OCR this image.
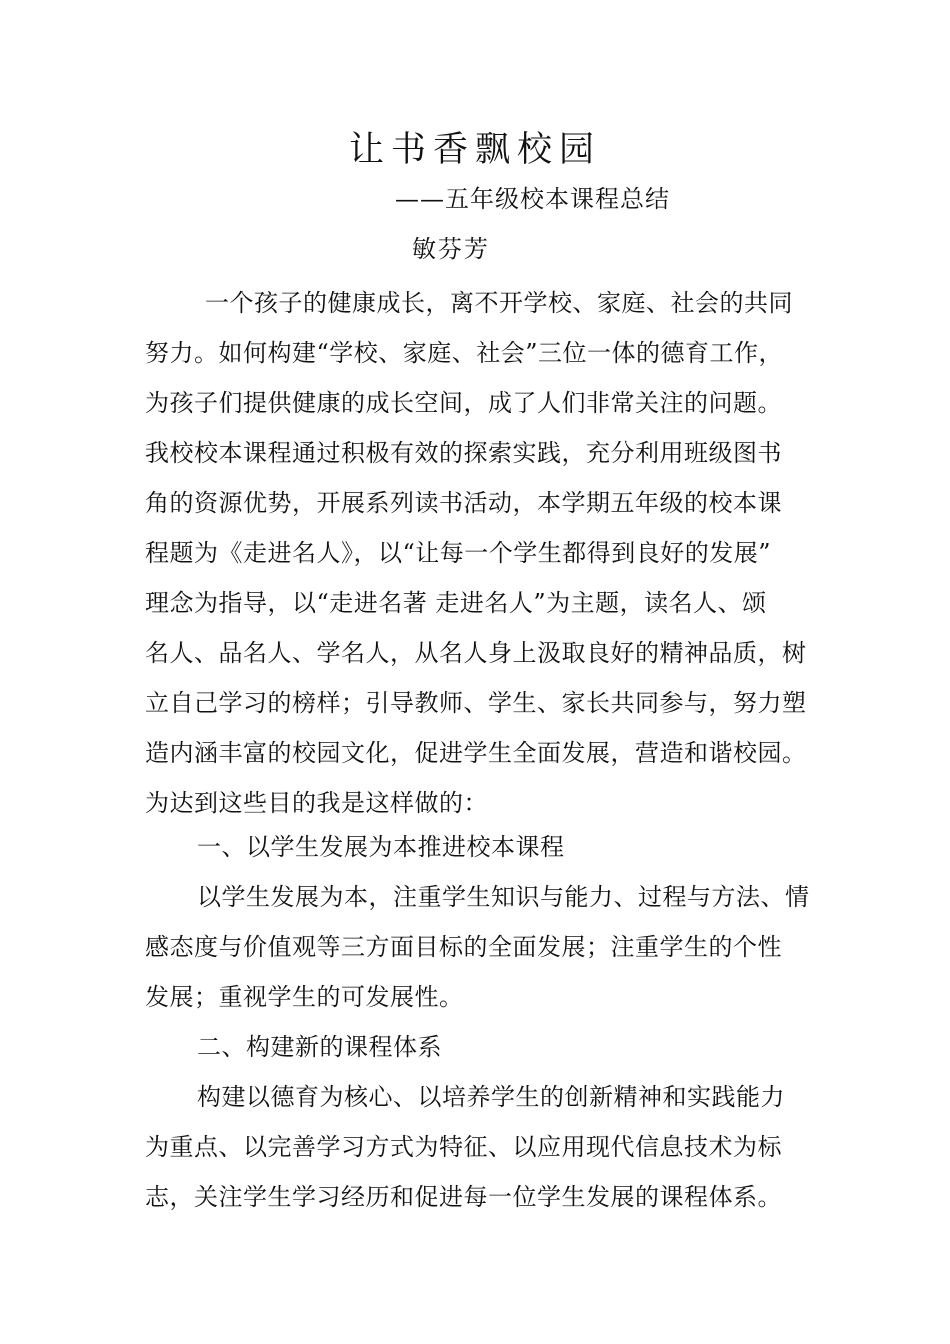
让书香飘校园
——五年级校本课程总结
敏芬芳
一个孩子的健康成长，离不开学校、家庭、社会的共同
努力。如何构建“学校、家庭、社会”三位一体的德育工作，
为孩子们提供健康的成长空间，成了人们非常关注的问题。
我校校本课程通过积极有效的探索实践，充分利用班级图书
角的资源优势，开展系列读书活动，本学期五年级的校本课
程题为《走进名人》，以“让每一个学生都得到良好的发展”
理念为指导，以“走进名著 走进名人”为主题，读名人、颂
名人、品名人、学名人，从名人身上汲取良好的精神品质，树
立自己学习的榜样；引导教师、学生、家长共同参与，努力塑
造内涵丰富的校园文化，促进学生全面发展，营造和谐校园。
为达到这些目的我是这样做的：
一、以学生发展为本推进校本课程
以学生发展为本，注重学生知识与能力、过程与方法、情
感态度与价值观等三方面目标的全面发展；注重学生的个性
发展；重视学生的可发展性。
二、构建新的课程体系
构建以德育为核心、以培养学生的创新精神和实践能力
为重点、以完善学习方式为特征、以应用现代信息技术为标
志，关注学生学习经历和促进每一位学生发展的课程体系。
